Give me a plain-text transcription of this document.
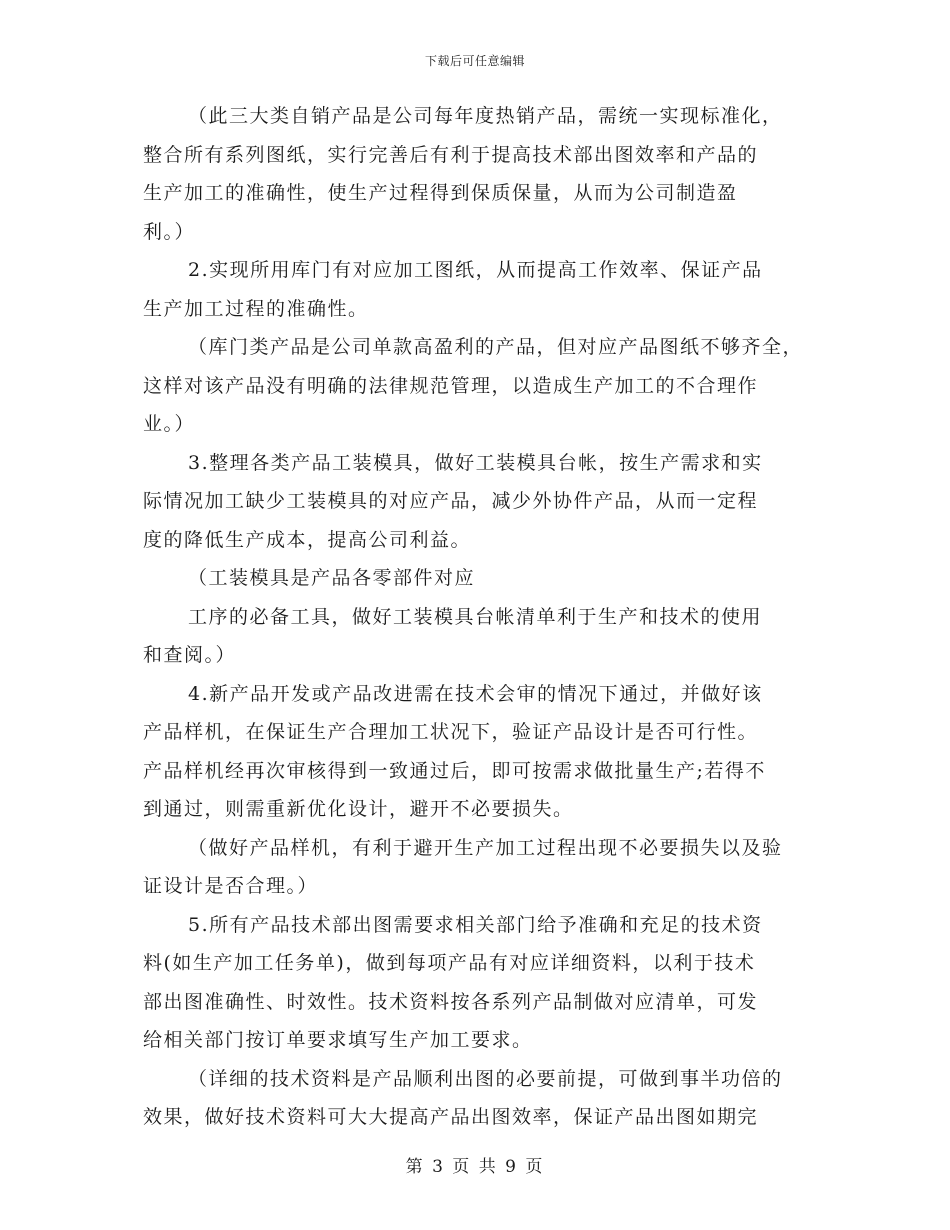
下载后可任意编辑
（此三大类自销产品是公司每年度热销产品，需统一实现标准化，
整合所有系列图纸，实行完善后有利于提高技术部出图效率和产品的
生产加工的准确性，使生产过程得到保质保量，从而为公司制造盈
利。）
2.实现所用库门有对应加工图纸，从而提高工作效率、保证产品
生产加工过程的准确性。
（库门类产品是公司单款高盈利的产品，但对应产品图纸不够齐全，
这样对该产品没有明确的法律规范管理，以造成生产加工的不合理作
业。）
3.整理各类产品工装模具，做好工装模具台帐，按生产需求和实
际情况加工缺少工装模具的对应产品，减少外协件产品，从而一定程
度的降低生产成本，提高公司利益。
（工装模具是产品各零部件对应
工序的必备工具，做好工装模具台帐清单利于生产和技术的使用
和查阅。）
4.新产品开发或产品改进需在技术会审的情况下通过，并做好该
产品样机，在保证生产合理加工状况下，验证产品设计是否可行性。
产品样机经再次审核得到一致通过后，即可按需求做批量生产;若得不
到通过，则需重新优化设计，避开不必要损失。
（做好产品样机，有利于避开生产加工过程出现不必要损失以及验
证设计是否合理。）
5.所有产品技术部出图需要求相关部门给予准确和充足的技术资
料(如生产加工任务单)，做到每项产品有对应详细资料，以利于技术
部出图准确性、时效性。技术资料按各系列产品制做对应清单，可发
给相关部门按订单要求填写生产加工要求。
（详细的技术资料是产品顺利出图的必要前提，可做到事半功倍的
效果，做好技术资料可大大提高产品出图效率，保证产品出图如期完
第 3 页 共 9 页
